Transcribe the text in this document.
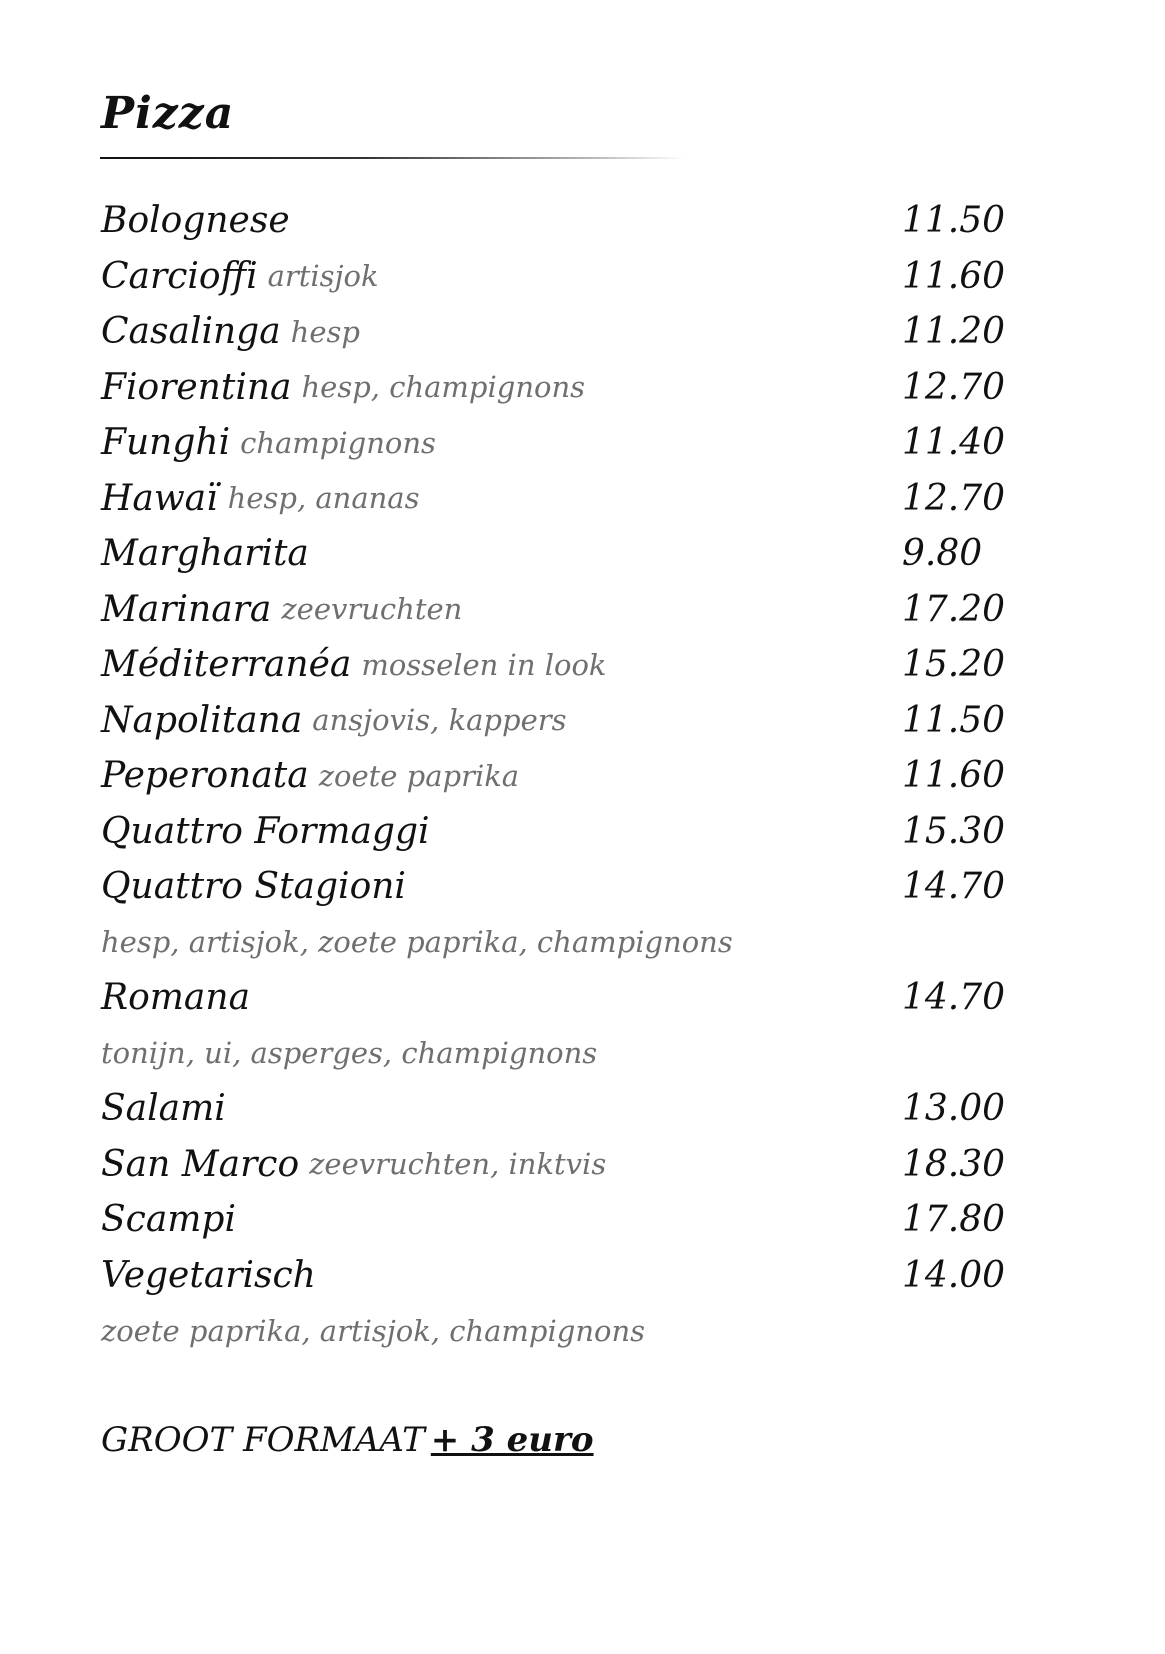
Pizza
Bolognese	11.50
Carcioffi artisjok	11.60
Casalinga hesp	11.20
Fiorentina hesp, champignons	12.70
Funghi champignons	11.40
Hawaï hesp, ananas	12.70
Margharita	9.80
Marinara zeevruchten	17.20
Méditerranéa mosselen in look	15.20
Napolitana ansjovis, kappers	11.50
Peperonata zoete paprika	11.60
Quattro Formaggi	15.30
Quattro Stagioni	14.70
hesp, artisjok, zoete paprika, champignons
Romana	14.70
tonijn, ui, asperges, champignons
Salami	13.00
San Marco zeevruchten, inktvis	18.30
Scampi	17.80
Vegetarisch	14.00
zoete paprika, artisjok, champignons
GROOT FORMAAT + 3 euro
